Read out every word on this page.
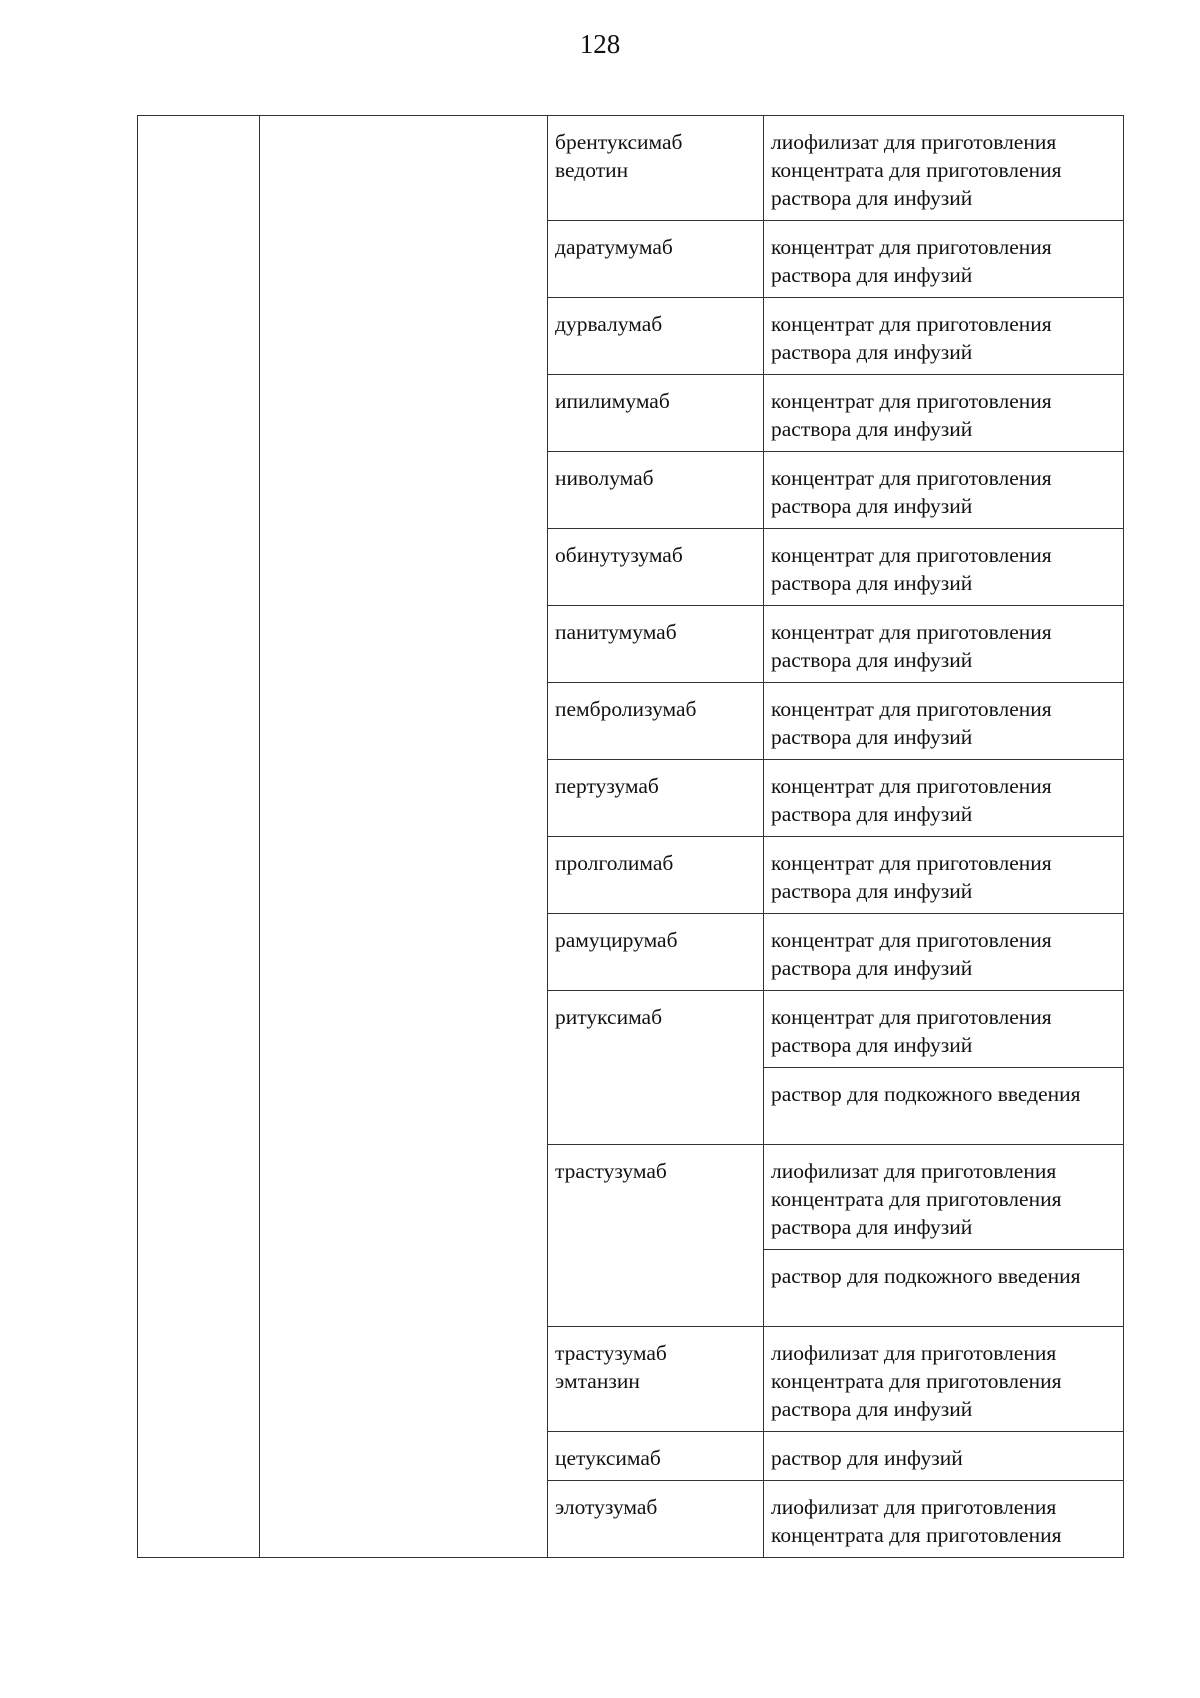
128
		брентуксимаб ведотин	лиофилизат для приготовления концентрата для приготовления раствора для инфузий
		даратумумаб	концентрат для приготовления раствора для инфузий
		дурвалумаб	концентрат для приготовления раствора для инфузий
		ипилимумаб	концентрат для приготовления раствора для инфузий
		ниволумаб	концентрат для приготовления раствора для инфузий
		обинутузумаб	концентрат для приготовления раствора для инфузий
		панитумумаб	концентрат для приготовления раствора для инфузий
		пембролизумаб	концентрат для приготовления раствора для инфузий
		пертузумаб	концентрат для приготовления раствора для инфузий
		пролголимаб	концентрат для приготовления раствора для инфузий
		рамуцирумаб	концентрат для приготовления раствора для инфузий
		ритуксимаб	концентрат для приготовления раствора для инфузий
			раствор для подкожного введения
		трастузумаб	лиофилизат для приготовления концентрата для приготовления раствора для инфузий
			раствор для подкожного введения
		трастузумаб эмтанзин	лиофилизат для приготовления концентрата для приготовления раствора для инфузий
		цетуксимаб	раствор для инфузий
		элотузумаб	лиофилизат для приготовления концентрата для приготовления
